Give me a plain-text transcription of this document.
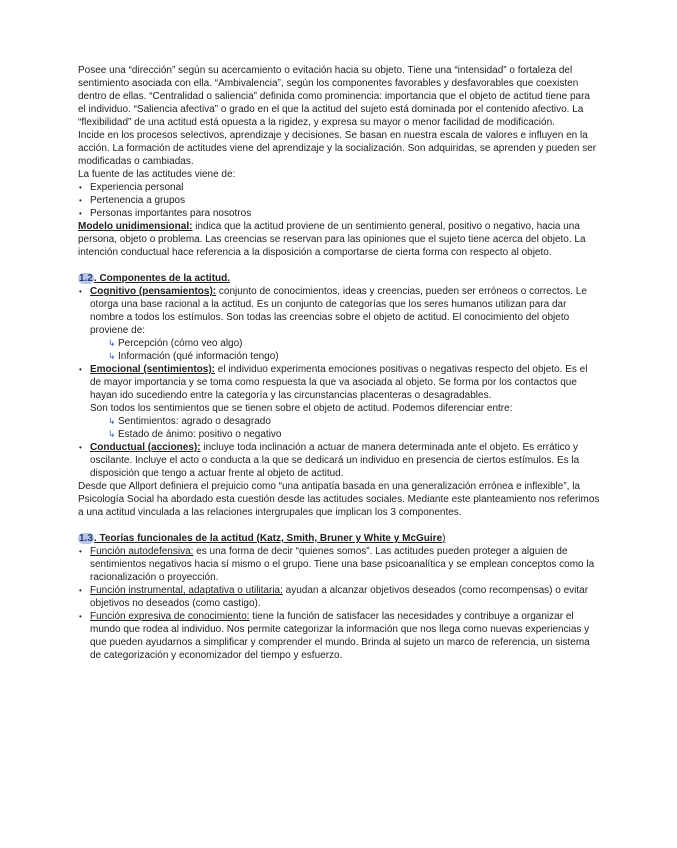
Posee una “dirección” según su acercamiento o evitación hacia su objeto. Tiene una “intensidad” o fortaleza del sentimiento asociada con ella. “Ambivalencia”, según los componentes favorables y desfavorables que coexisten dentro de ellas. “Centralidad o saliencia” definida como prominencia: importancia que el objeto de actitud tiene para el individuo. “Saliencia afectiva” o grado en el que la actitud del sujeto está dominada por el contenido afectivo. La “flexibilidad” de una actitud está opuesta a la rigidez, y expresa su mayor o menor facilidad de modificación.

Incide en los procesos selectivos, aprendizaje y decisiones. Se basan en nuestra escala de valores e influyen en la acción. La formación de actitudes viene del aprendizaje y la socialización. Son adquiridas, se aprenden y pueden ser modificadas o cambiadas.

La fuente de las actitudes viene de:

• Experiencia personal
• Pertenencia a grupos
• Personas importantes para nosotros

Modelo unidimensional: indica que la actitud proviene de un sentimiento general, positivo o negativo, hacia una persona, objeto o problema. Las creencias se reservan para las opiniones que el sujeto tiene acerca del objeto. La intención conductual hace referencia a la disposición a comportarse de cierta forma con respecto al objeto.

1.2. Componentes de la actitud.

• Cognitivo (pensamientos): conjunto de conocimientos, ideas y creencias, pueden ser erróneos o correctos. Le otorga una base racional a la actitud. Es un conjunto de categorías que los seres humanos utilizan para dar nombre a todos los estímulos. Son todas las creencias sobre el objeto de actitud. El conocimiento del objeto proviene de:
↳ Percepción (cómo veo algo)
↳ Información (qué información tengo)
• Emocional (sentimientos): el individuo experimenta emociones positivas o negativas respecto del objeto. Es el de mayor importancia y se toma como respuesta la que va asociada al objeto. Se forma por los contactos que hayan ido sucediendo entre la categoría y las circunstancias placenteras o desagradables.
Son todos los sentimientos que se tienen sobre el objeto de actitud. Podemos diferenciar entre:
↳ Sentimientos: agrado o desagrado
↳ Estado de ánimo: positivo o negativo
• Conductual (acciones): incluye toda inclinación a actuar de manera determinada ante el objeto. Es errático y oscilante. Incluye el acto o conducta a la que se dedicará un individuo en presencia de ciertos estímulos. Es la disposición que tengo a actuar frente al objeto de actitud.

Desde que Allport definiera el prejuicio como “una antipatía basada en una generalización errónea e inflexible”, la Psicología Social ha abordado esta cuestión desde las actitudes sociales. Mediante este planteamiento nos referimos a una actitud vinculada a las relaciones intergrupales que implican los 3 componentes.

1.3. Teorías funcionales de la actitud (Katz, Smith, Bruner y White y McGuire)

• Función autodefensiva: es una forma de decir “quienes somos”. Las actitudes pueden proteger a alguien de sentimientos negativos hacia sí mismo o el grupo. Tiene una base psicoanalítica y se emplean conceptos como la racionalización o proyección.
• Función instrumental, adaptativa o utilitaria: ayudan a alcanzar objetivos deseados (como recompensas) o evitar objetivos no deseados (como castigo).
• Función expresiva de conocimiento: tiene la función de satisfacer las necesidades y contribuye a organizar el mundo que rodea al individuo. Nos permite categorizar la información que nos llega como nuevas experiencias y que pueden ayudarnos a simplificar y comprender el mundo. Brinda al sujeto un marco de referencia, un sistema de categorización y economizador del tiempo y esfuerzo.
